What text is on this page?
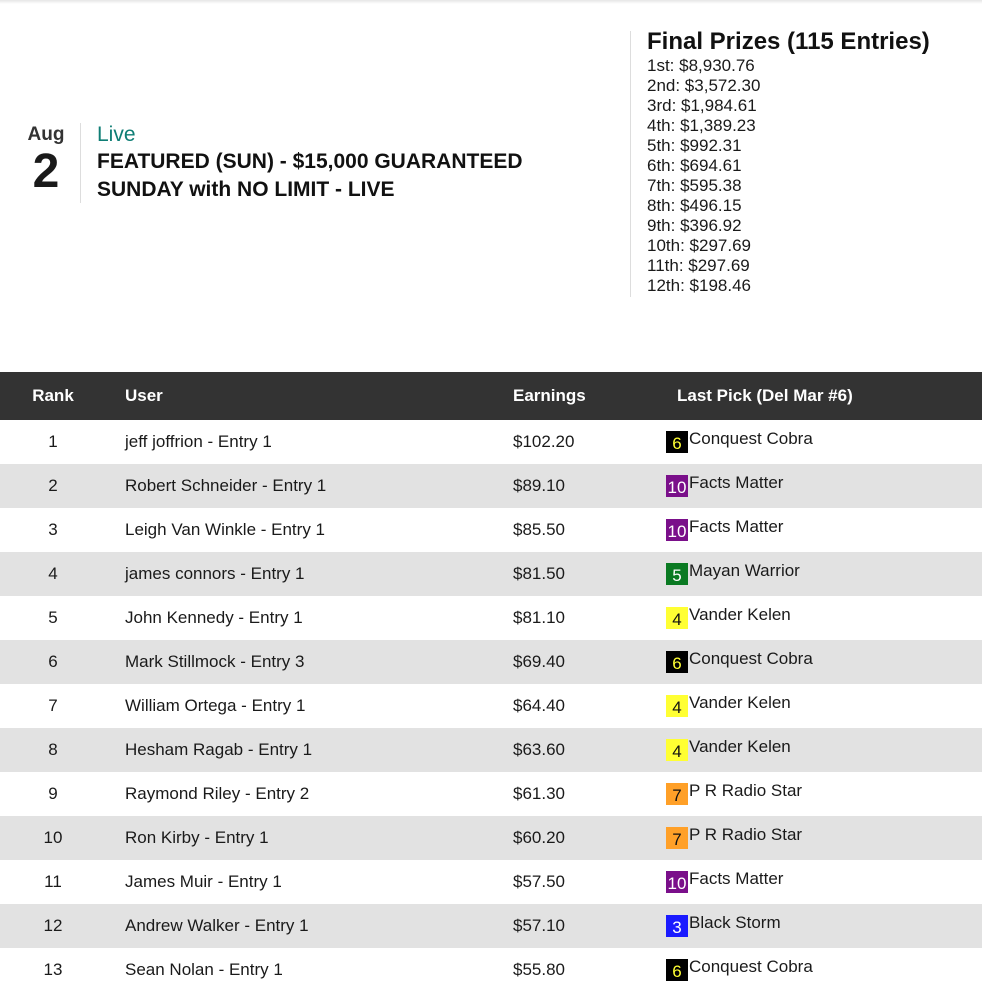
Aug
2
Live
FEATURED (SUN) - $15,000 GUARANTEED SUNDAY with NO LIMIT - LIVE
Final Prizes (115 Entries)
1st: $8,930.76
2nd: $3,572.30
3rd: $1,984.61
4th: $1,389.23
5th: $992.31
6th: $694.61
7th: $595.38
8th: $496.15
9th: $396.92
10th: $297.69
11th: $297.69
12th: $198.46
Rank	User	Earnings	Last Pick (Del Mar #6)
1	jeff joffrion - Entry 1	$102.20	6 Conquest Cobra
2	Robert Schneider - Entry 1	$89.10	10 Facts Matter
3	Leigh Van Winkle - Entry 1	$85.50	10 Facts Matter
4	james connors - Entry 1	$81.50	5 Mayan Warrior
5	John Kennedy - Entry 1	$81.10	4 Vander Kelen
6	Mark Stillmock - Entry 3	$69.40	6 Conquest Cobra
7	William Ortega - Entry 1	$64.40	4 Vander Kelen
8	Hesham Ragab - Entry 1	$63.60	4 Vander Kelen
9	Raymond Riley - Entry 2	$61.30	7 P R Radio Star
10	Ron Kirby - Entry 1	$60.20	7 P R Radio Star
11	James Muir - Entry 1	$57.50	10 Facts Matter
12	Andrew Walker - Entry 1	$57.10	3 Black Storm
13	Sean Nolan - Entry 1	$55.80	6 Conquest Cobra
